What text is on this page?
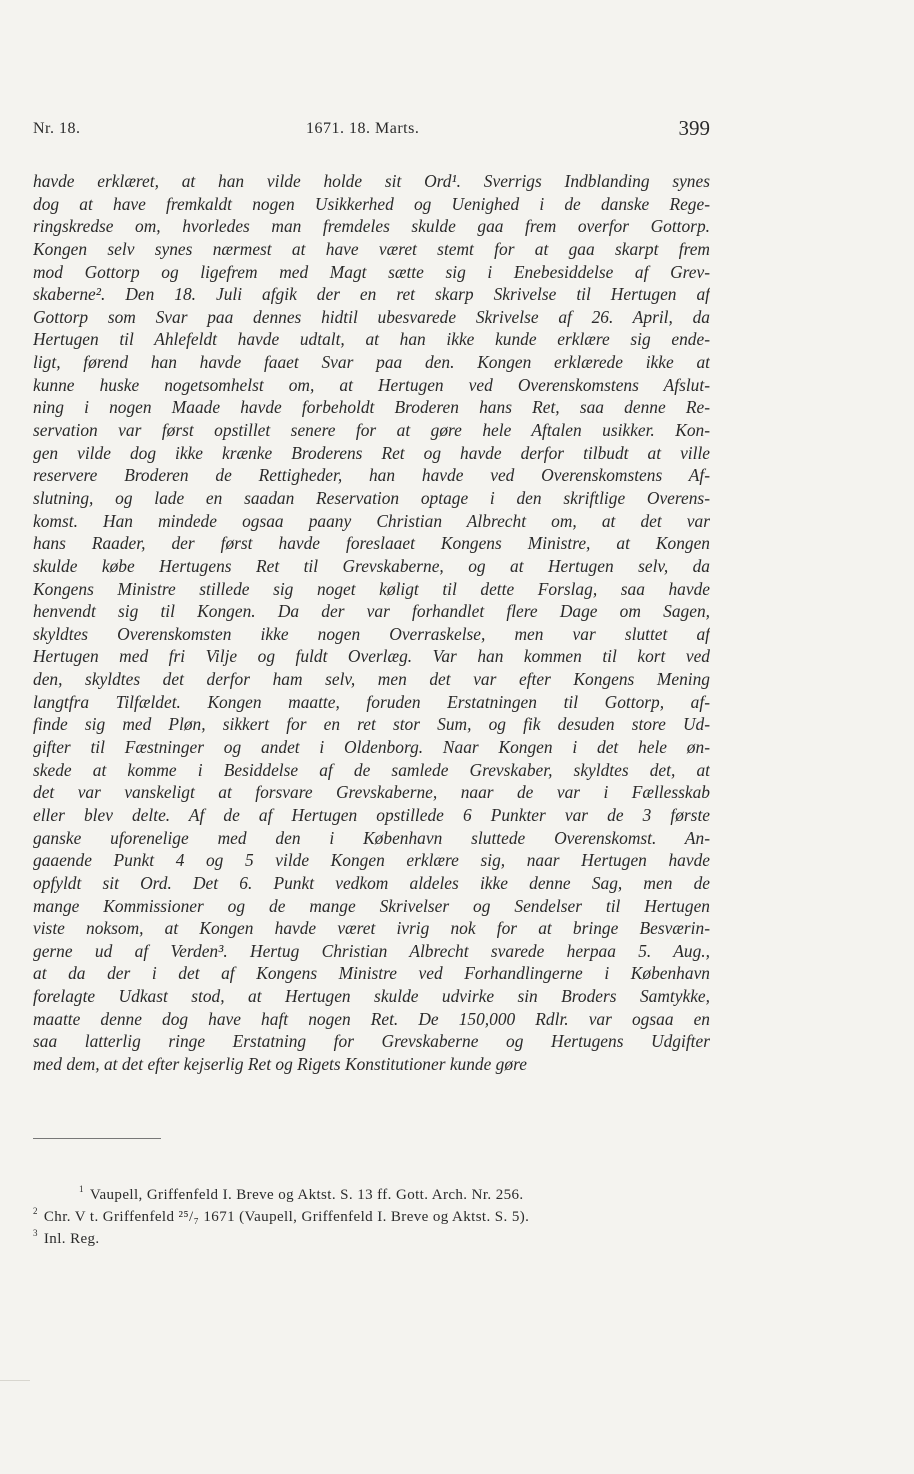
Nr. 18.	1671. 18. Marts.	399
havde erklæret, at han vilde holde sit Ord¹. Sverrigs Indblanding synes
dog at have fremkaldt nogen Usikkerhed og Uenighed i de danske Rege-
ringskredse om, hvorledes man fremdeles skulde gaa frem overfor Gottorp.
Kongen selv synes nærmest at have været stemt for at gaa skarpt frem
mod Gottorp og ligefrem med Magt sætte sig i Enebesiddelse af Grev-
skaberne². Den 18. Juli afgik der en ret skarp Skrivelse til Hertugen af
Gottorp som Svar paa dennes hidtil ubesvarede Skrivelse af 26. April, da
Hertugen til Ahlefeldt havde udtalt, at han ikke kunde erklære sig ende-
ligt, førend han havde faaet Svar paa den. Kongen erklærede ikke at
kunne huske nogetsomhelst om, at Hertugen ved Overenskomstens Afslut-
ning i nogen Maade havde forbeholdt Broderen hans Ret, saa denne Re-
servation var først opstillet senere for at gøre hele Aftalen usikker. Kon-
gen vilde dog ikke krænke Broderens Ret og havde derfor tilbudt at ville
reservere Broderen de Rettigheder, han havde ved Overenskomstens Af-
slutning, og lade en saadan Reservation optage i den skriftlige Overens-
komst. Han mindede ogsaa paany Christian Albrecht om, at det var
hans Raader, der først havde foreslaaet Kongens Ministre, at Kongen
skulde købe Hertugens Ret til Grevskaberne, og at Hertugen selv, da
Kongens Ministre stillede sig noget køligt til dette Forslag, saa havde
henvendt sig til Kongen. Da der var forhandlet flere Dage om Sagen,
skyldtes Overenskomsten ikke nogen Overraskelse, men var sluttet af
Hertugen med fri Vilje og fuldt Overlæg. Var han kommen til kort ved
den, skyldtes det derfor ham selv, men det var efter Kongens Mening
langtfra Tilfældet. Kongen maatte, foruden Erstatningen til Gottorp, af-
finde sig med Pløn, sikkert for en ret stor Sum, og fik desuden store Ud-
gifter til Fæstninger og andet i Oldenborg. Naar Kongen i det hele øn-
skede at komme i Besiddelse af de samlede Grevskaber, skyldtes det, at
det var vanskeligt at forsvare Grevskaberne, naar de var i Fællesskab
eller blev delte. Af de af Hertugen opstillede 6 Punkter var de 3 første
ganske uforenelige med den i København sluttede Overenskomst. An-
gaaende Punkt 4 og 5 vilde Kongen erklære sig, naar Hertugen havde
opfyldt sit Ord. Det 6. Punkt vedkom aldeles ikke denne Sag, men de
mange Kommissioner og de mange Skrivelser og Sendelser til Hertugen
viste noksom, at Kongen havde været ivrig nok for at bringe Besværin-
gerne ud af Verden³. Hertug Christian Albrecht svarede herpaa 5. Aug.,
at da der i det af Kongens Ministre ved Forhandlingerne i København
forelagte Udkast stod, at Hertugen skulde udvirke sin Broders Samtykke,
maatte denne dog have haft nogen Ret. De 150,000 Rdlr. var ogsaa en
saa latterlig ringe Erstatning for Grevskaberne og Hertugens Udgifter
med dem, at det efter kejserlig Ret og Rigets Konstitutioner kunde gøre
$^1$ Vaupell, Griffenfeld I. Breve og Aktst. S. 13 ff. Gott. Arch. Nr. 256.
$^2$ Chr. V t. Griffenfeld ²⁵/₇ 1671 (Vaupell, Griffenfeld I. Breve og Aktst. S. 5).
$^3$ Inl. Reg.
